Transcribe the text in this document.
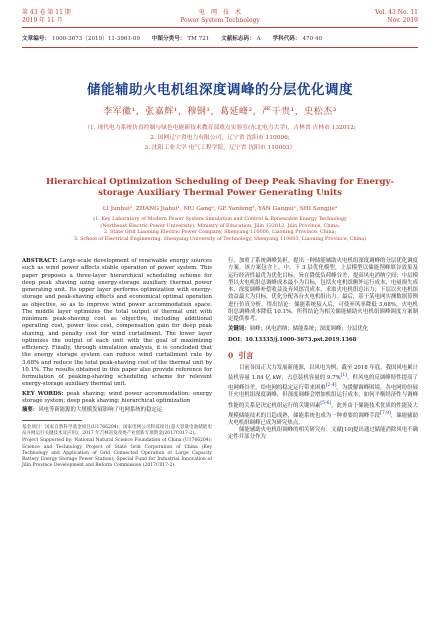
第 43 卷 第 11 期
2019 年 11 月
电　网　技　术
Power System Technology
Vol. 43 No. 11
Nov. 2019
文章编号： 1000-3673（2019）11-3961-09 中图分类号： TM 721 文献标志码： A 学科代码： 470·40
储能辅助火电机组深度调峰的分层优化调度
李军徽¹，张嘉辉¹，穆钢¹，葛延峰²，严干贵¹，史松杰³
（1. 现代电力系统仿真控制与绿色电能新技术教育部重点实验室(东北电力大学)，吉林省 吉林市 132012;
2. 国网辽宁省电力有限公司，辽宁省 沈阳市 110006;
3. 沈阳工业大学 电气工程学院，辽宁省 沈阳市 110003）
Hierarchical Optimization Scheduling of Deep Peak Shaving for Energy-storage Auxiliary Thermal Power Generating Units
LI Junhui¹, ZHANG Jiahui¹, MU Gang¹, GE Yanfeng², YAN Gangui¹, SHI Songjie³
(1. Key Laboratory of Modern Power System Simulation and Control & Renewable Energy Technology
(Northeast Electric Power University), Ministry of Education, Jilin 132012, Jilin Province, China;
2. State Grid Liaoning Electric Power Company, Shenyang 110006, Liaoning Province, China;
3. School of Electrical Engineering, Shenyang University of Technology, Shenyang 110003, Liaoning Province, China)

ABSTRACT: Large-scale development of renewable energy sources such as wind power affects stable operation of power system. This paper proposes a three-layer hierarchical scheduling scheme for deep peak shaving using energy-storage auxiliary thermal power generating unit. Its upper layer performs optimization with energy-storage and peak-shaving effects and economical optimal operation as objective, so as to improve wind power accommodation space. The middle layer optimizes the total output of thermal unit with minimum peak-shaving cost as objective, including additional operating cost, power loss cost, compensation gain for deep peak shaving, and penalty cost for wind curtailment. The lower layer optimizes the output of each unit with the goal of maximizing efficiency. Finally, through simulation analysis, it is concluded that the energy storage system can reduce wind curtailment rate by 3.68% and reduce the total peak-shaving cost of the thermal unit by 10.1%. The results obtained in this paper also provide reference for formulation of peaking-shaving scheduling scheme for relevant energy-storage auxiliary thermal unit.

KEY WORDS: peak shaving; wind power accommodation; energy storage system; deep peak shaving; hierarchical optimization

摘要：风电等新能源的大规模发展影响了电网系统的稳定运

基金项目：国家自然科学基金项目(U1766204)；国家电网公司科技项目(超大容量电池储能电站并网运行关键技术及应用)；2017 年吉林省发改委产业创新专项资金(2017C017-2)。

Project Supported by: National Natural Science Foundation of China (U1766204); Science and Technology Project of State Grid Corporation of China (Key Technology and Application of Grid Connected Operation of Large Capacity Battery Energy Storage Power Station); Special Fund for Industrial Innovation of Jilin Province Development and Reform Commission (2017C017-2).

行，加重了系统调峰负担。提出一种储能辅助火电机组深度调峰的分层优化调度方案。该方案包含上、中、下 3 层优化模型，上层模型以储能削峰填谷效果及运行经济性最优为优化目标，旨在降低负荷峰谷差，提高风电消纳空间；中层模型以火电机组总调峰成本最小为目标，包括火电机组额外运行成本、电量损失成本、深度调峰补偿收益及弃风惩罚成本，求取火电机组总出力；下层以火电机组效益最大为目标，优化分配各台火电机组出力。最后，基于某电网实测数据算例进行仿真分析，得出结论：储能系统接入后，可使弃风率降低 3.68%，火电机组总调峰成本降低 10.1%。所得结论为相关储能辅助火电机组调峰调度方案制定提供参考。

关键词：调峰；风电消纳；储能系统；深度调峰；分层优化

DOI：10.13335/j.1000-3673.pst.2019.1368

0 引言

目前各国正大力发展新能源，以风电为例，截至 2018 年底，我国风电累计装机容量 1.84 亿 kW，占总装机容量的 9.7%[1]。但风电的反调峰特性提高了电网峰谷差，给电网的稳定运行带来困难[2-4]。为缓解调峰困境，各电网纷纷展开火电机组深度调峰，但深度调峰会增加机组运行成本，如何平衡经济性与调峰性能的关系是决定机组运行的关键因素[5-6]，此外由于储能技术优质的性能及大规模储能技术的日趋成熟，储能系统也成为一种重要的调峰手段[7-9]，储能辅助火电机组调峰已成为研究热点。

储能辅助火电机组调峰的相关研究有：文献[10]提出通过储能消除风电不确定性并部分作为
